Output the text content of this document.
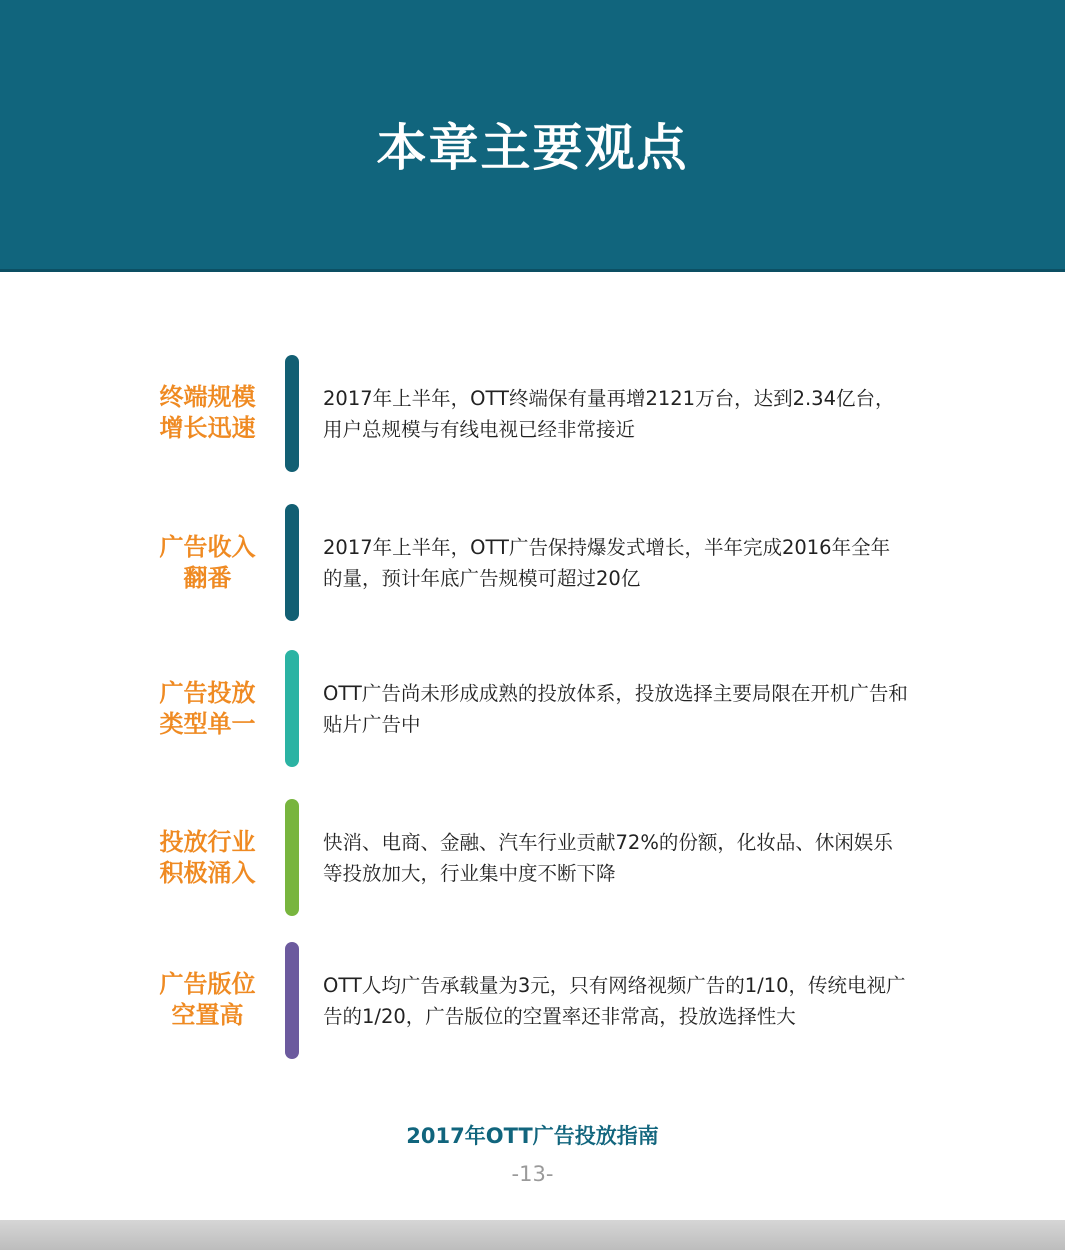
本章主要观点
终端规模
增长迅速
2017年上半年，OTT终端保有量再增2121万台，达到2.34亿台，用户总规模与有线电视已经非常接近
广告收入
翻番
2017年上半年，OTT广告保持爆发式增长，半年完成2016年全年的量，预计年底广告规模可超过20亿
广告投放
类型单一
OTT广告尚未形成成熟的投放体系，投放选择主要局限在开机广告和贴片广告中
投放行业
积极涌入
快消、电商、金融、汽车行业贡献72%的份额，化妆品、休闲娱乐等投放加大，行业集中度不断下降
广告版位
空置高
OTT人均广告承载量为3元，只有网络视频广告的1/10，传统电视广告的1/20，广告版位的空置率还非常高，投放选择性大
2017年OTT广告投放指南
-13-
